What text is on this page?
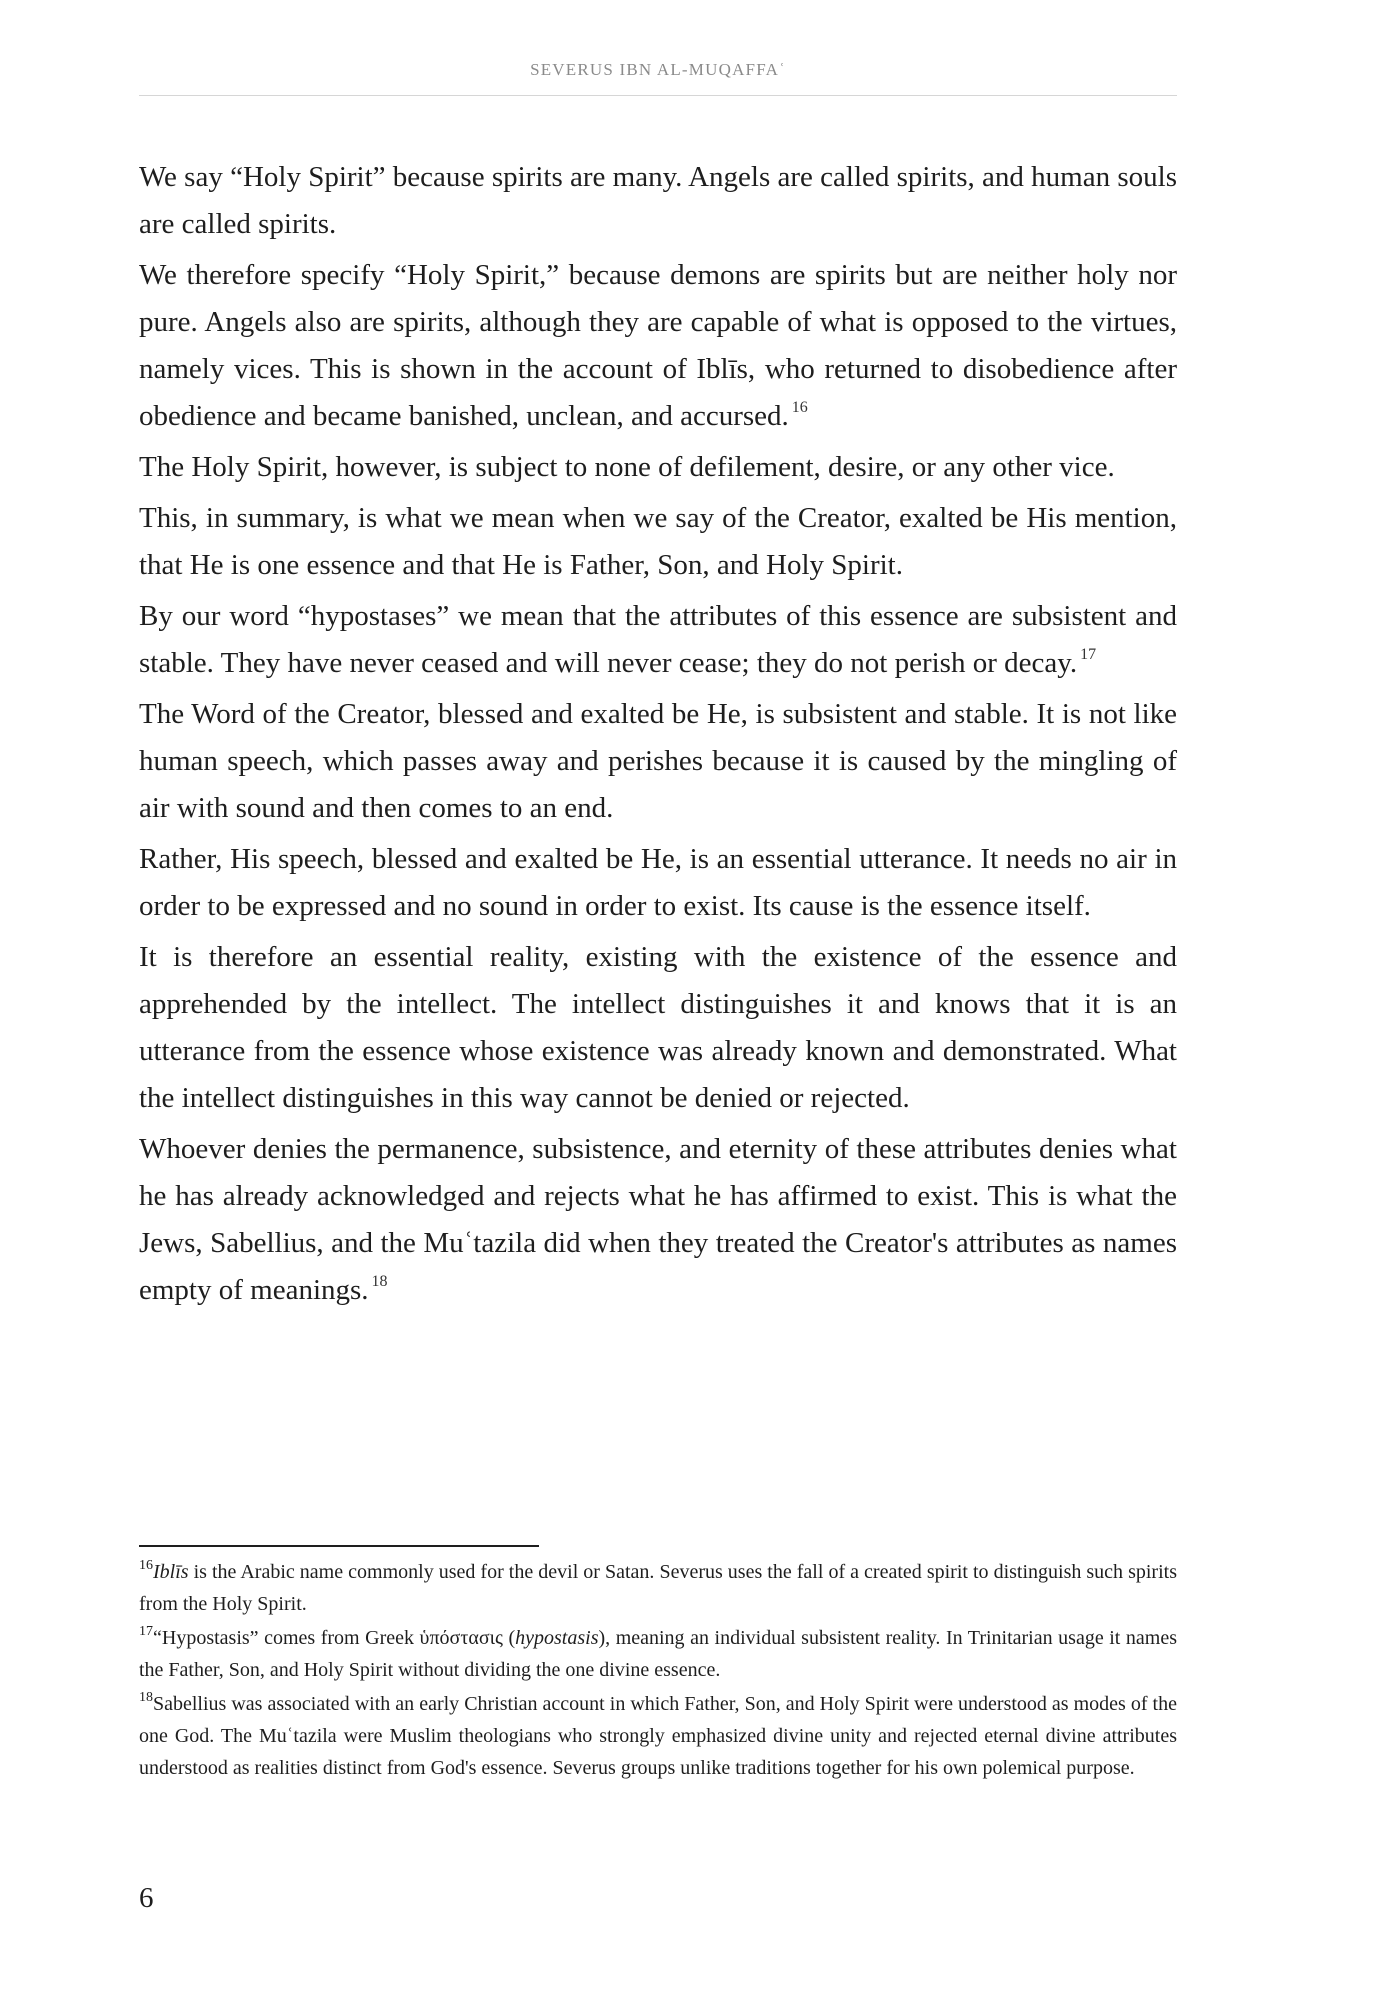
SEVERUS IBN AL-MUQAFFAʿ

We say “Holy Spirit” because spirits are many. Angels are called spirits, and human souls are called spirits.

We therefore specify “Holy Spirit,” because demons are spirits but are neither holy nor pure. Angels also are spirits, although they are capable of what is opposed to the virtues, namely vices. This is shown in the account of Iblīs, who returned to disobedience after obedience and became banished, unclean, and accursed. $^{16}$

The Holy Spirit, however, is subject to none of defilement, desire, or any other vice.

This, in summary, is what we mean when we say of the Creator, exalted be His mention, that He is one essence and that He is Father, Son, and Holy Spirit.

By our word “hypostases” we mean that the attributes of this essence are subsistent and stable. They have never ceased and will never cease; they do not perish or decay. $^{17}$

The Word of the Creator, blessed and exalted be He, is subsistent and stable. It is not like human speech, which passes away and perishes because it is caused by the mingling of air with sound and then comes to an end.

Rather, His speech, blessed and exalted be He, is an essential utterance. It needs no air in order to be expressed and no sound in order to exist. Its cause is the essence itself.

It is therefore an essential reality, existing with the existence of the essence and apprehended by the intellect. The intellect distinguishes it and knows that it is an utterance from the essence whose existence was already known and demonstrated. What the intellect distinguishes in this way cannot be denied or rejected.

Whoever denies the permanence, subsistence, and eternity of these attributes denies what he has already acknowledged and rejects what he has affirmed to exist. This is what the Jews, Sabellius, and the Muʿtazila did when they treated the Creator's attributes as names empty of meanings. $^{18}$

$^{16}$Iblīs is the Arabic name commonly used for the devil or Satan. Severus uses the fall of a created spirit to distinguish such spirits from the Holy Spirit.

$^{17}$“Hypostasis” comes from Greek ὑπόστασις (hypostasis), meaning an individual subsistent reality. In Trinitarian usage it names the Father, Son, and Holy Spirit without dividing the one divine essence.

$^{18}$Sabellius was associated with an early Christian account in which Father, Son, and Holy Spirit were understood as modes of the one God. The Muʿtazila were Muslim theologians who strongly emphasized divine unity and rejected eternal divine attributes understood as realities distinct from God's essence. Severus groups unlike traditions together for his own polemical purpose.

6
